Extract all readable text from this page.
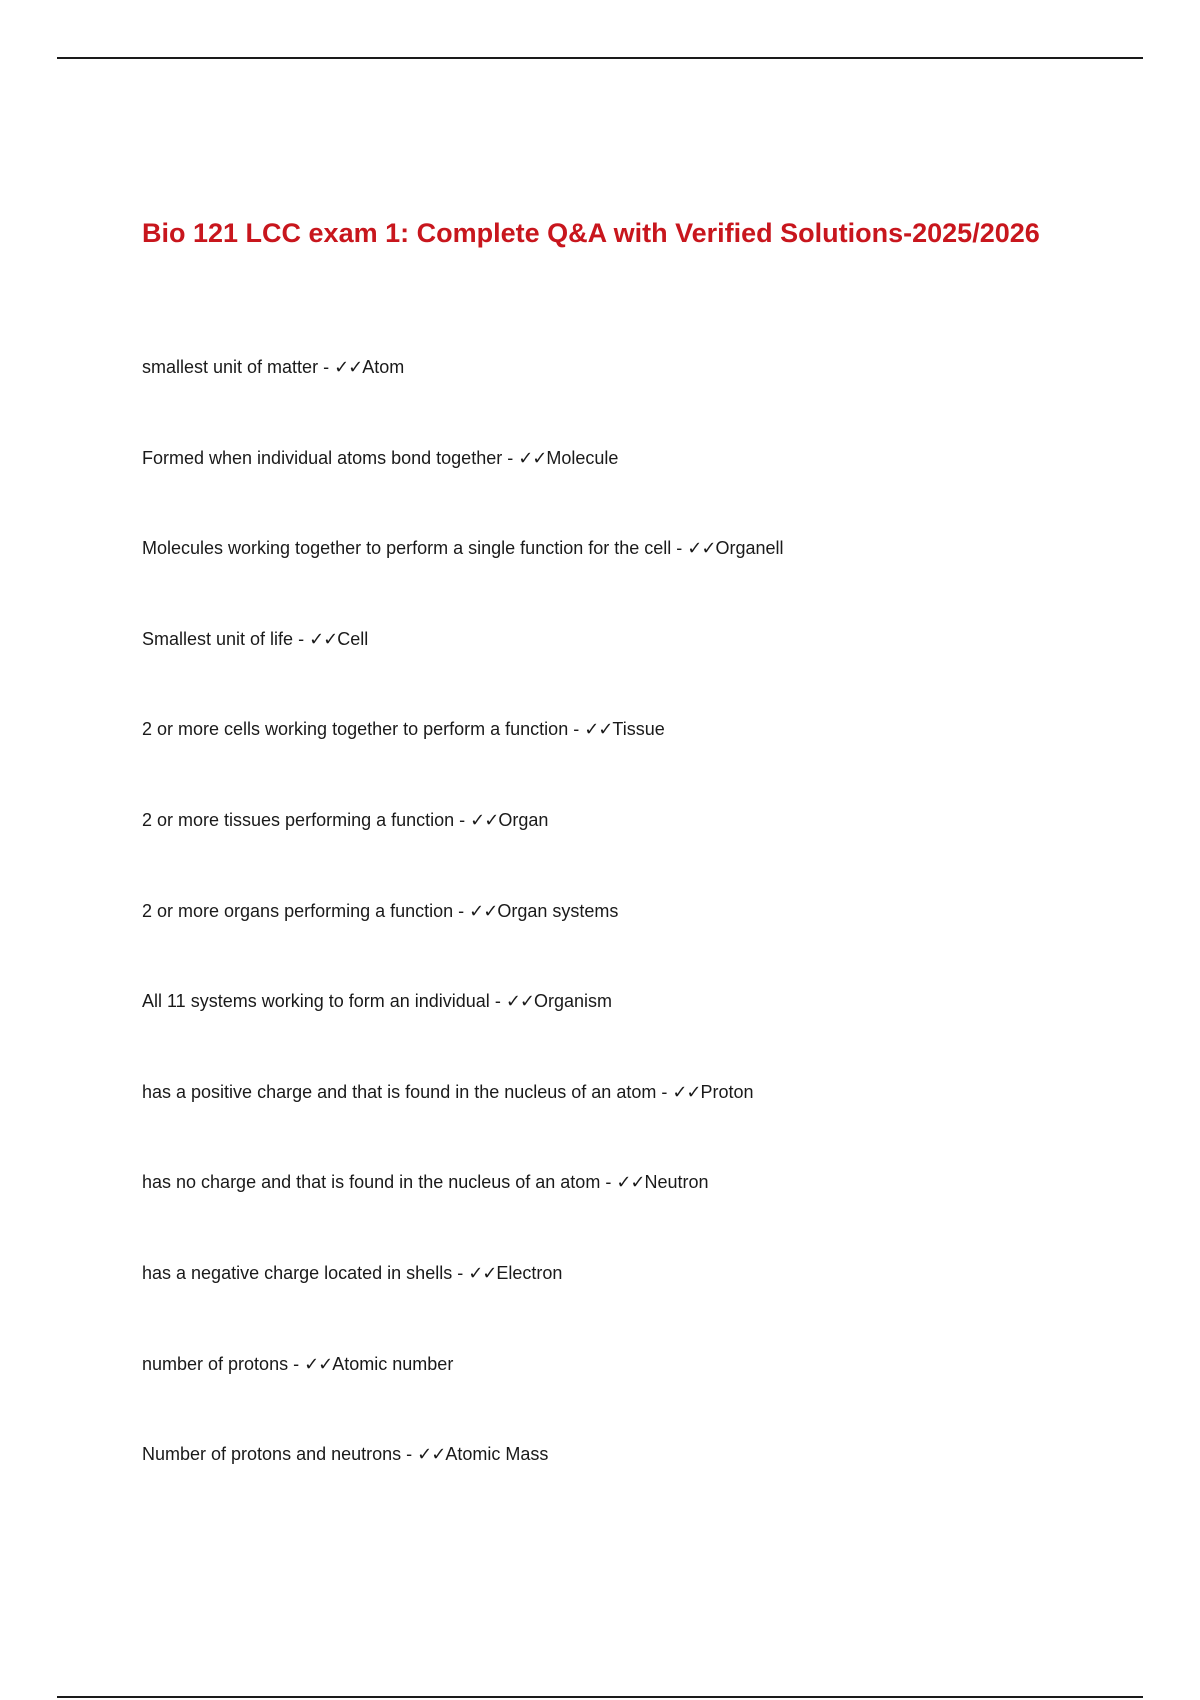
Bio 121 LCC exam 1: Complete Q&A with Verified Solutions-2025/2026
smallest unit of matter - ✓✓Atom
Formed when individual atoms bond together - ✓✓Molecule
Molecules working together to perform a single function for the cell - ✓✓Organell
Smallest unit of life - ✓✓Cell
2 or more cells working together to perform a function - ✓✓Tissue
2 or more tissues performing a function - ✓✓Organ
2 or more organs performing a function - ✓✓Organ systems
All 11 systems working to form an individual - ✓✓Organism
has a positive charge and that is found in the nucleus of an atom - ✓✓Proton
has no charge and that is found in the nucleus of an atom - ✓✓Neutron
has a negative charge located in shells - ✓✓Electron
number of protons - ✓✓Atomic number
Number of protons and neutrons - ✓✓Atomic Mass
